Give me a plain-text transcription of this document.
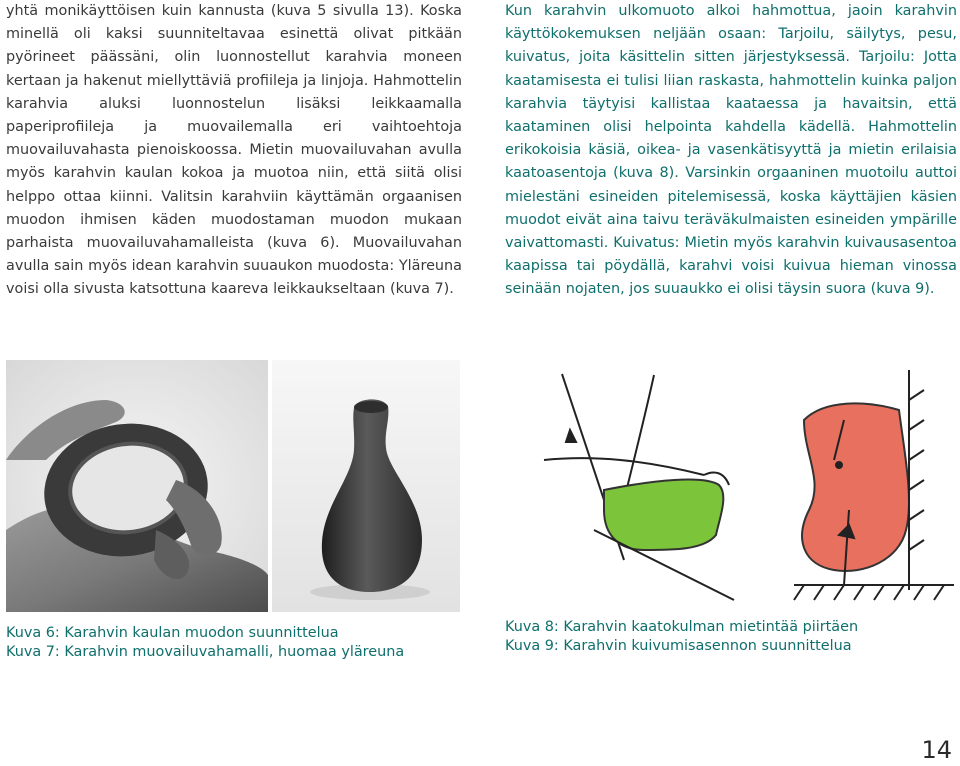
yhtä monikäyttöisen kuin kannusta (kuva 5 sivulla 13). Koska minellä oli kaksi suunniteltavaa esinettä olivat pitkään pyörineet päässäni, olin luonnostellut karahvia moneen kertaan ja hakenut miellyttäviä profiileja ja linjoja. Hahmottelin karahvia aluksi luonnostelun lisäksi leikkaamalla paperiprofiileja ja muovailemalla eri vaihtoehtoja muovailuvahasta pienoiskoossa. Mietin muovailuvahan avulla myös karahvin kaulan kokoa ja muotoa niin, että siitä olisi helppo ottaa kiinni. Valitsin karahviin käyttämän orgaanisen muodon ihmisen käden muodostaman muodon mukaan parhaista muovailuvahamalleista (kuva 6). Muovailuvahan avulla sain myös idean karahvin suuaukon muodosta: Yläreuna voisi olla sivusta katsottuna kaareva leikkaukseltaan (kuva 7).

Kun karahvin ulkomuoto alkoi hahmottua, jaoin karahvin käyttökokemuksen neljään osaan: Tarjoilu, säilytys, pesu, kuivatus, joita käsittelin sitten järjestyksessä. Tarjoilu: Jotta kaatamisesta ei tulisi liian raskasta, hahmottelin kuinka paljon karahvia täytyisi kallistaa kaataessa ja havaitsin, että kaataminen olisi helpointa kahdella kädellä. Hahmottelin erikokoisia käsiä, oikea- ja vasenkätisyyttä ja mietin erilaisia kaatoasentoja (kuva 8). Varsinkin orgaaninen muotoilu auttoi mielestäni esineiden pitelemisessä, koska käyttäjien käsien muodot eivät aina taivu teräväkulmaisten esineiden ympärille vaivattomasti. Kuivatus: Mietin myös karahvin kuivausasentoa kaapissa tai pöydällä, karahvi voisi kuivua hieman vinossa seinään nojaten, jos suuaukko ei olisi täysin suora (kuva 9).

Kuva 6: Karahvin kaulan muodon suunnittelua
Kuva 7: Karahvin muovailuvahamalli, huomaa yläreuna
Kuva 8: Karahvin kaatokulman mietintää piirtäen
Kuva 9: Karahvin kuivumisasennon suunnittelua
14
